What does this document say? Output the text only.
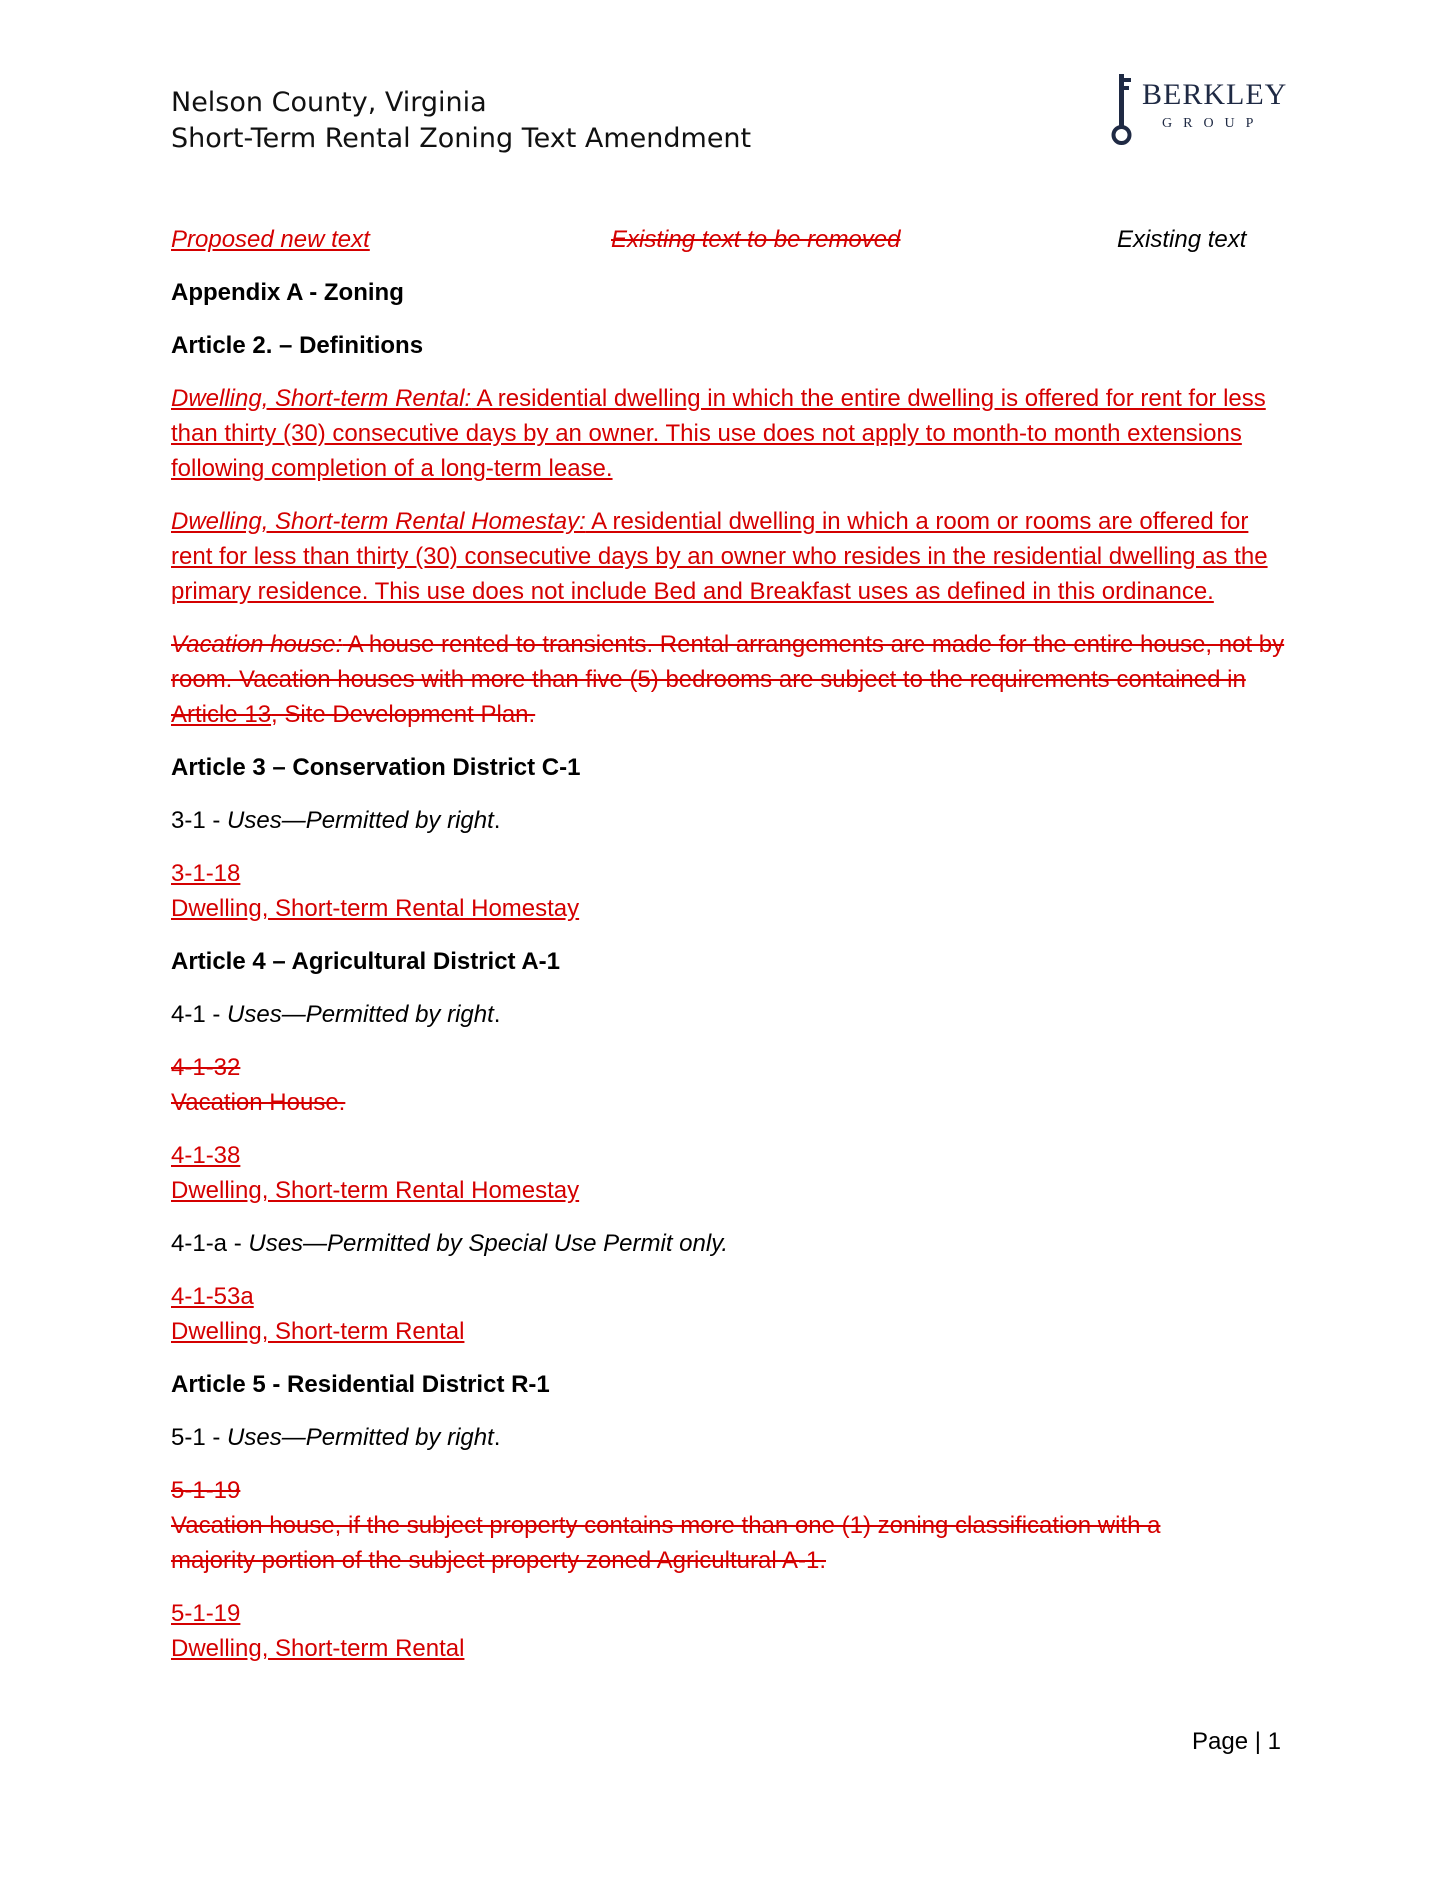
Nelson County, Virginia
Short-Term Rental Zoning Text Amendment
BERKLEY
GROUP
Proposed new text	Existing text to be removed	Existing text

Appendix A - Zoning

Article 2. – Definitions

Dwelling, Short-term Rental: A residential dwelling in which the entire dwelling is offered for rent for less than thirty (30) consecutive days by an owner. This use does not apply to month-to month extensions following completion of a long-term lease.

Dwelling, Short-term Rental Homestay: A residential dwelling in which a room or rooms are offered for rent for less than thirty (30) consecutive days by an owner who resides in the residential dwelling as the primary residence. This use does not include Bed and Breakfast uses as defined in this ordinance.

Vacation house: A house rented to transients. Rental arrangements are made for the entire house, not by room. Vacation houses with more than five (5) bedrooms are subject to the requirements contained in Article 13, Site Development Plan.

Article 3 – Conservation District C-1

3-1 - Uses—Permitted by right.

3-1-18
Dwelling, Short-term Rental Homestay

Article 4 – Agricultural District A-1

4-1 - Uses—Permitted by right.

4-1-32
Vacation House.
4-1-38
Dwelling, Short-term Rental Homestay

4-1-a - Uses—Permitted by Special Use Permit only.

4-1-53a
Dwelling, Short-term Rental

Article 5 - Residential District R-1

5-1 - Uses—Permitted by right.

5-1-19
Vacation house, if the subject property contains more than one (1) zoning classification with a
majority portion of the subject property zoned Agricultural A-1.
5-1-19
Dwelling, Short-term Rental
Page | 1
